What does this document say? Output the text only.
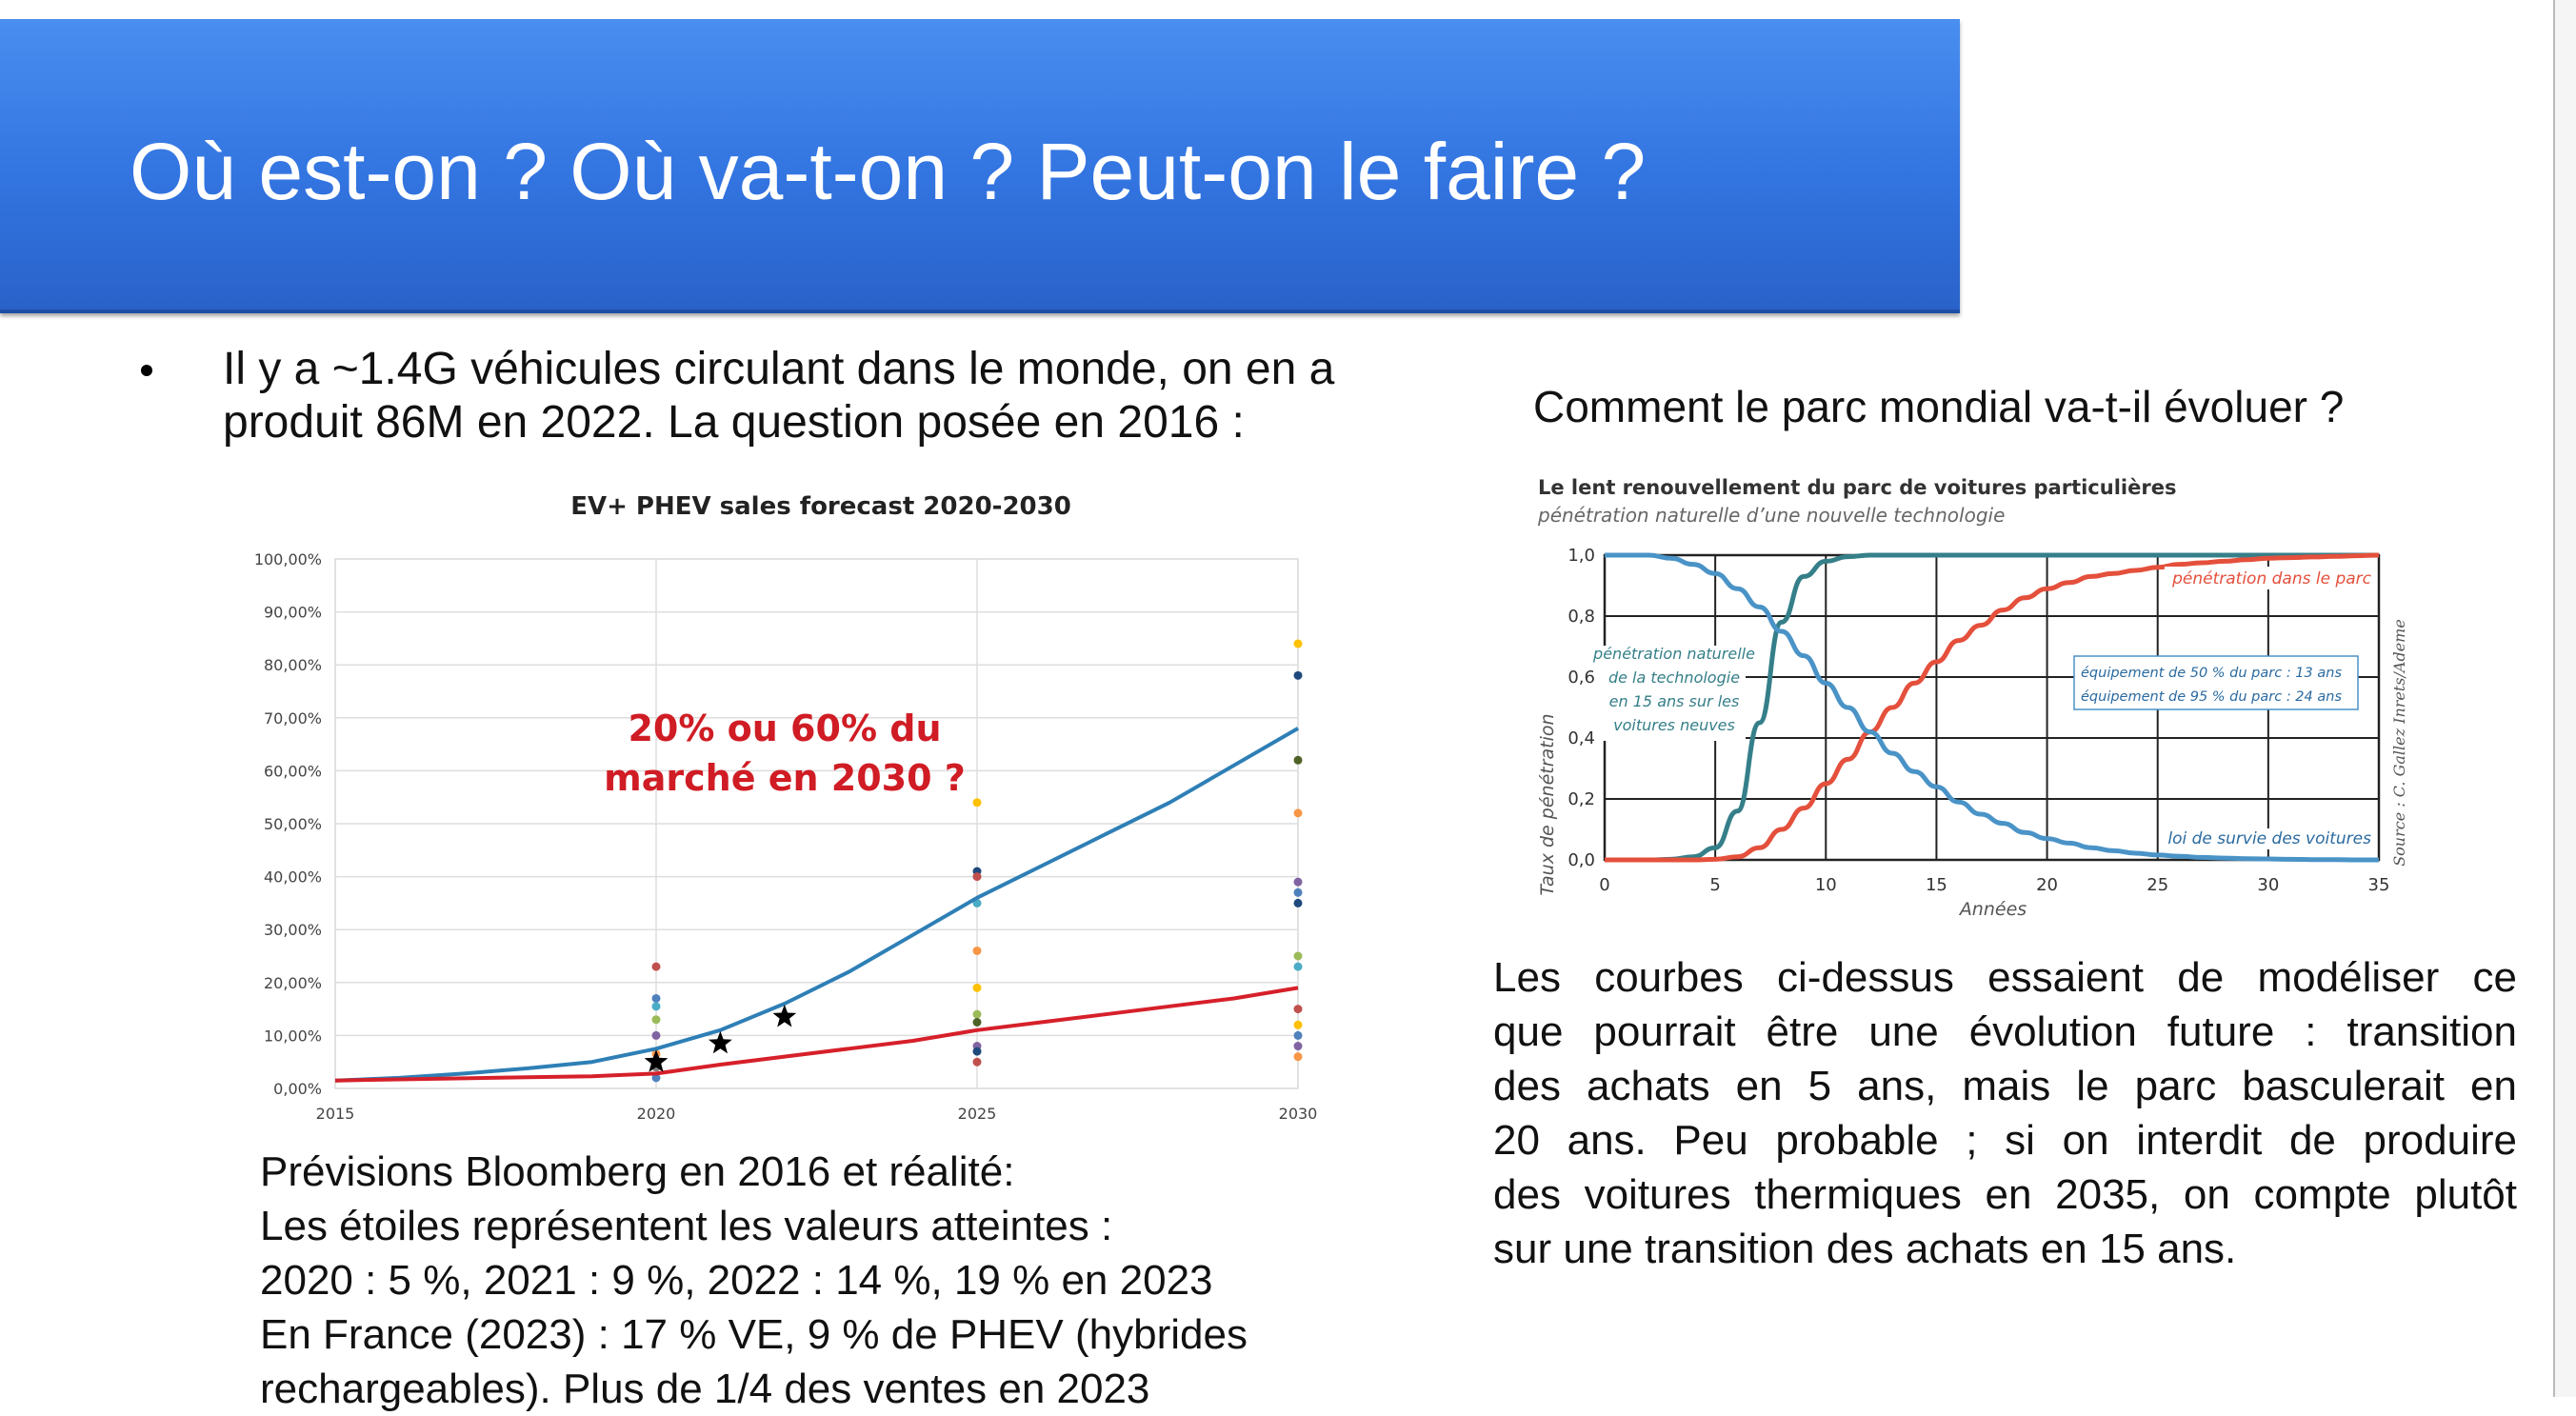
Où est-on ? Où va-t-on ? Peut-on le faire ?
Il y a ~1.4G véhicules circulant dans le monde, on en a
produit 86M en 2022. La question posée en 2016 :
EV+ PHEV sales forecast 2020-2030
0,00%
10,00%
20,00%
30,00%
40,00%
50,00%
60,00%
70,00%
80,00%
90,00%
100,00%
2015	2020	2025	2030
20% ou 60% du
marché en 2030 ?
Prévisions Bloomberg en 2016 et réalité:
Les étoiles représentent les valeurs atteintes :
2020 : 5 %, 2021 : 9 %, 2022 : 14 %, 19 % en 2023
En France (2023) : 17 % VE, 9 % de PHEV (hybrides
rechargeables). Plus de 1/4 des ventes en 2023
Comment le parc mondial va-t-il évoluer ?
Le lent renouvellement du parc de voitures particulières
pénétration naturelle d’une nouvelle technologie
Taux de pénétration
Années
Source : C. Gallez Inrets/Ademe
0,0
0,2
0,4
0,6
0,8
1,0
0	5	10	15	20	25	30	35
pénétration naturelle
de la technologie
en 15 ans sur les
voitures neuves
pénétration dans le parc
équipement de 50 % du parc : 13 ans
équipement de 95 % du parc : 24 ans
loi de survie des voitures
Les courbes ci-dessus essaient de modéliser ce
que pourrait être une évolution future : transition
des achats en 5 ans, mais le parc basculerait en
20 ans. Peu probable ; si on interdit de produire
des voitures thermiques en 2035, on compte plutôt
sur une transition des achats en 15 ans.
